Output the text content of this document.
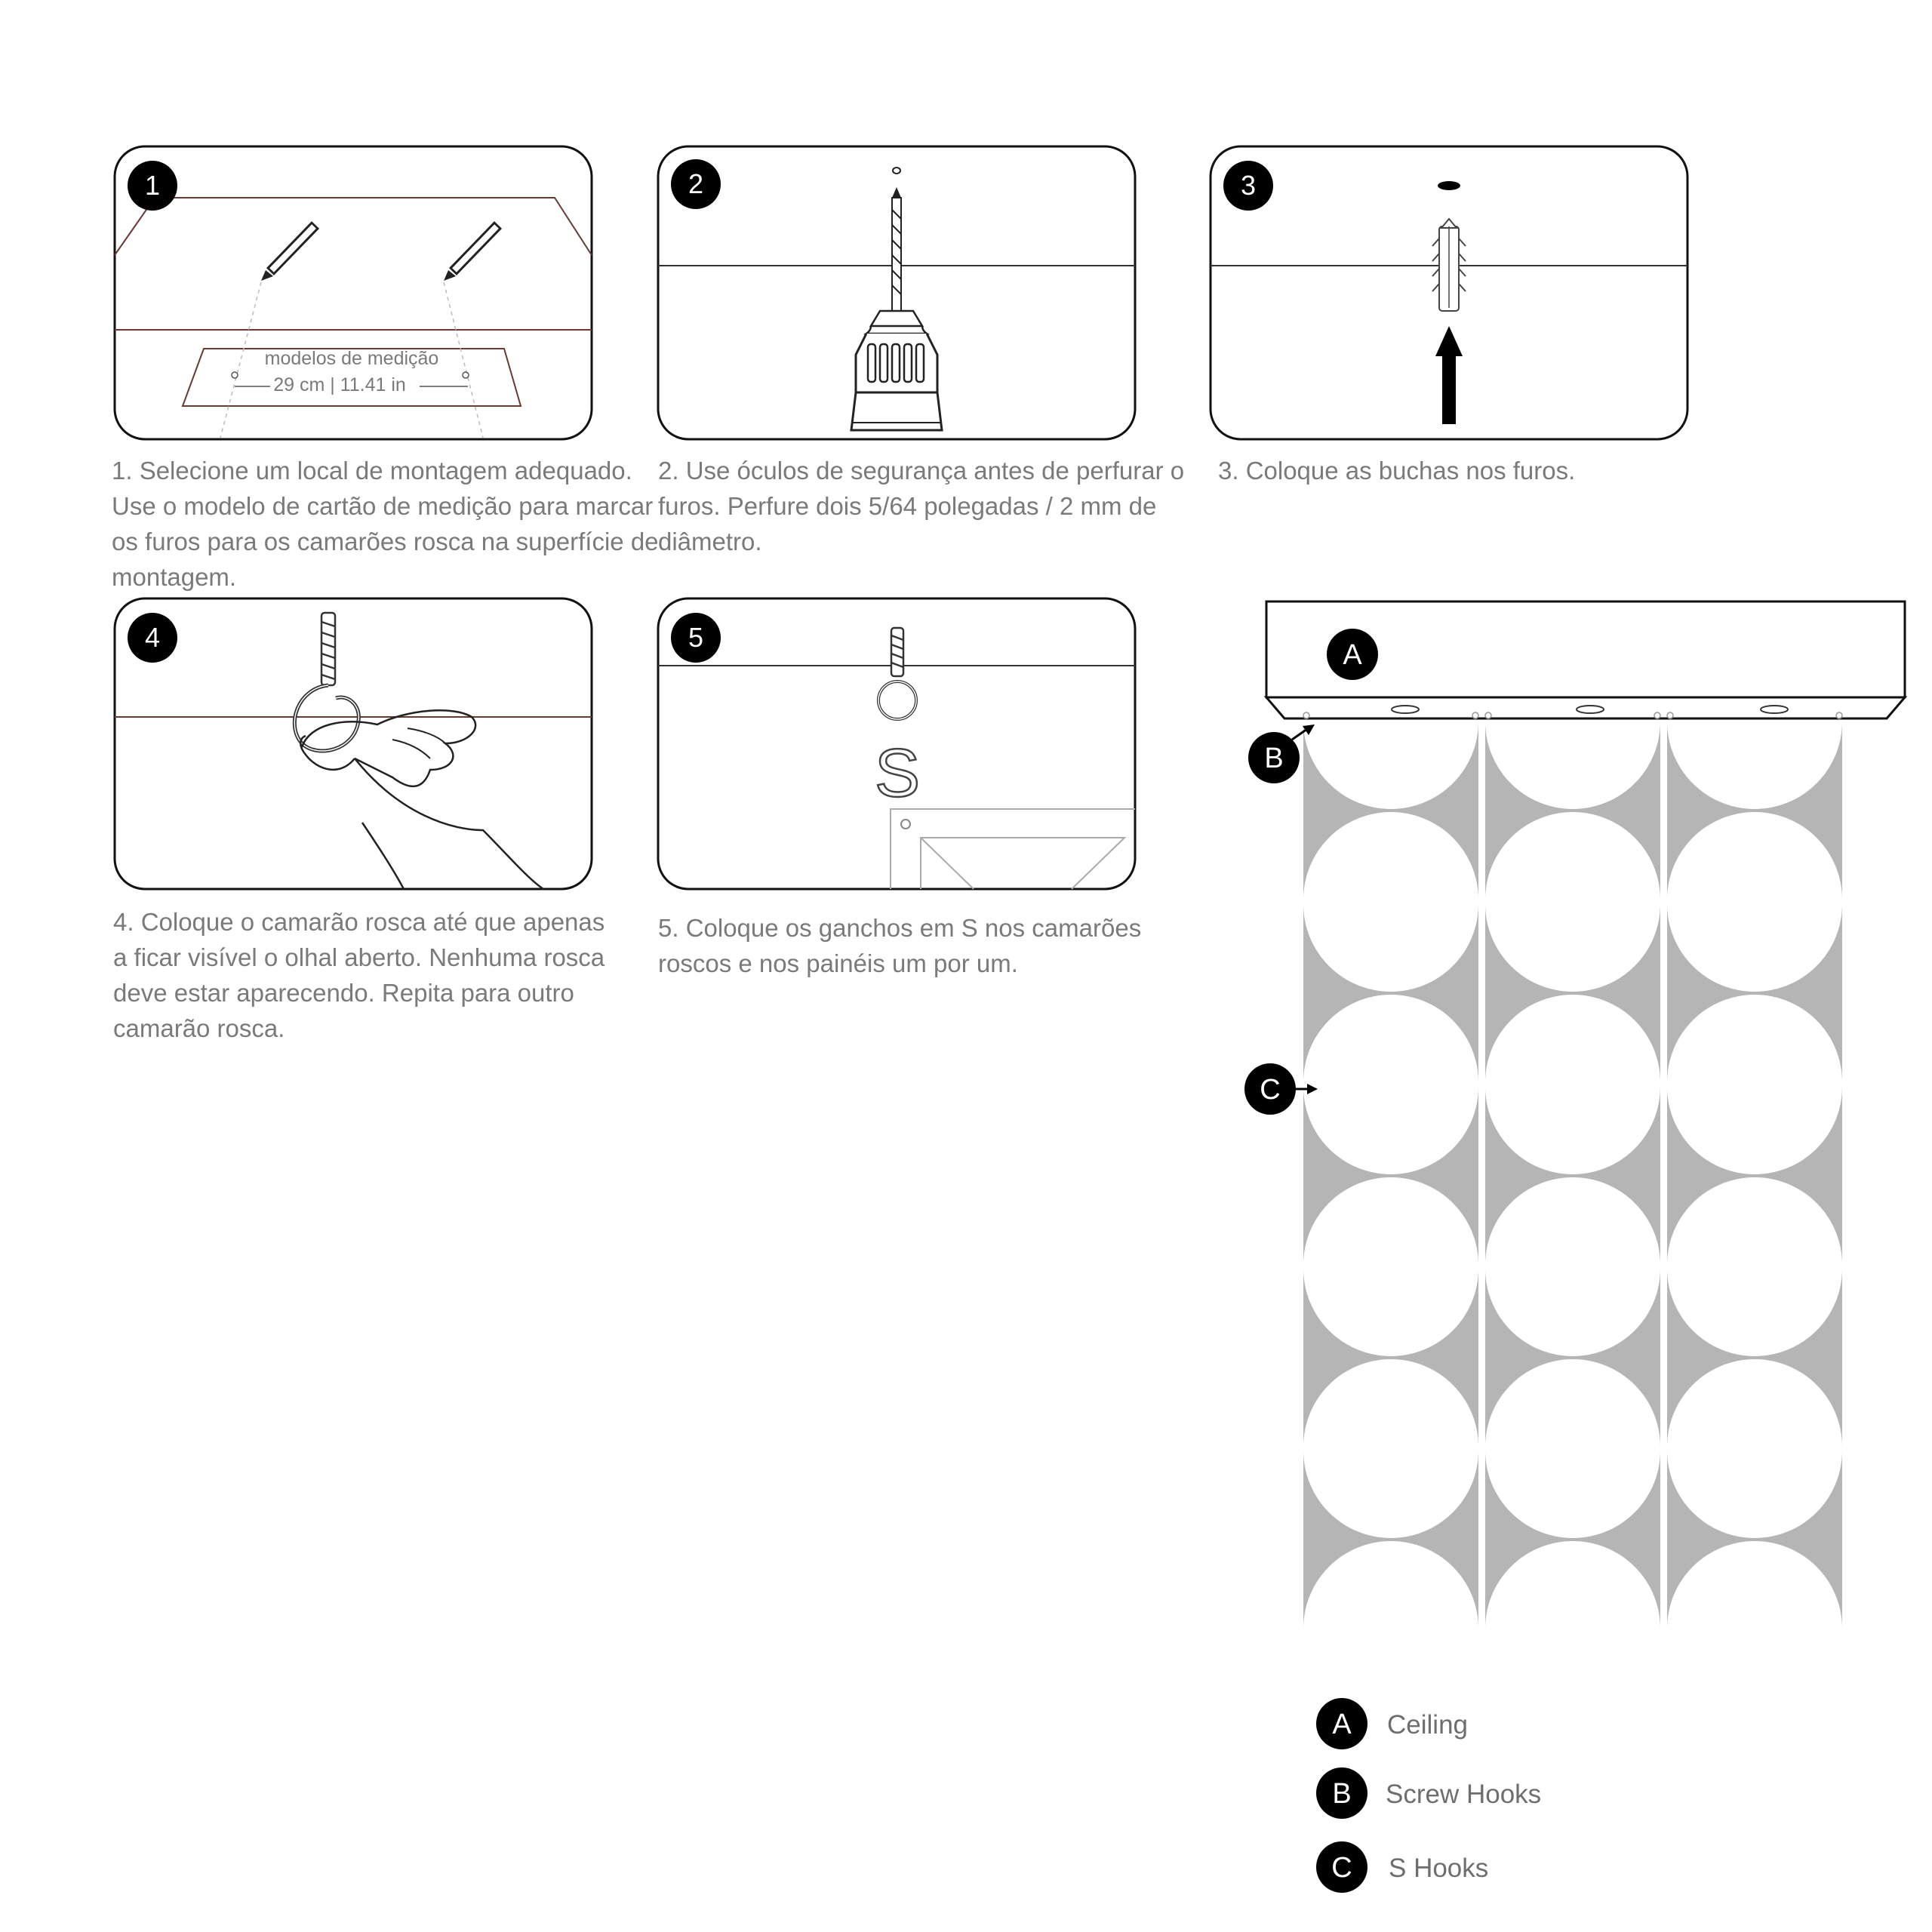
modelos de medição
29 cm | 11.41 in
1	2	3
4
S
5
A
B
C
A Ceiling
B Screw Hooks
C S Hooks

1. Selecione um local de montagem adequado.
Use o modelo de cartão de medição para marcar
os furos para os camarões rosca na superfície de
montagem.

2. Use óculos de segurança antes de perfurar o
furos. Perfure dois 5/64 polegadas / 2 mm de
diâmetro.

3. Coloque as buchas nos furos.

4. Coloque o camarão rosca até que apenas
a ficar visível o olhal aberto. Nenhuma rosca
deve estar aparecendo. Repita para outro
camarão rosca.

5. Coloque os ganchos em S nos camarões
roscos e nos painéis um por um.
